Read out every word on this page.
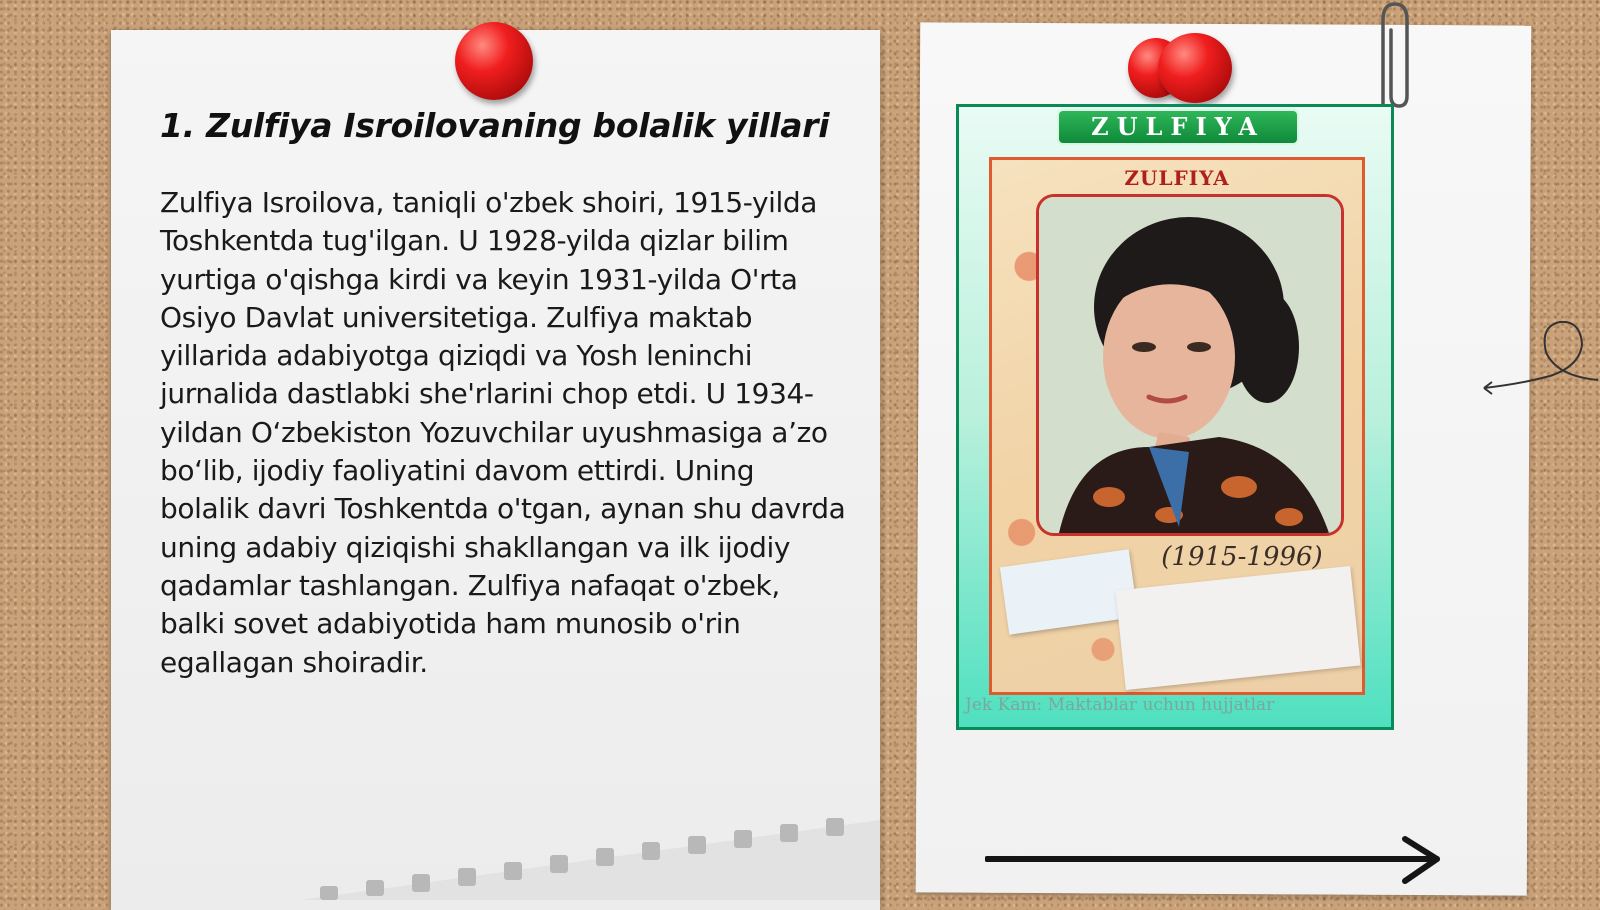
1. Zulfiya Isroilovaning bolalik yillari

Zulfiya Isroilova, taniqli o'zbek shoiri, 1915-yilda Toshkentda tug'ilgan. U 1928-yilda qizlar bilim yurtiga o'qishga kirdi va keyin 1931-yilda O'rta Osiyo Davlat universitetiga. Zulfiya maktab yillarida adabiyotga qiziqdi va Yosh leninchi jurnalida dastlabki she'rlarini chop etdi. U 1934-yildan O‘zbekiston Yozuvchilar uyushmasiga a’zo bo‘lib, ijodiy faoliyatini davom ettirdi. Uning bolalik davri Toshkentda o'tgan, aynan shu davrda uning adabiy qiziqishi shakllangan va ilk ijodiy qadamlar tashlangan. Zulfiya nafaqat o'zbek, balki sovet adabiyotida ham munosib o'rin egallagan shoiradir.

ZULFIYA
ZULFIYA
(1915-1996)
Jek Kam: Maktablar uchun hujjatlar
